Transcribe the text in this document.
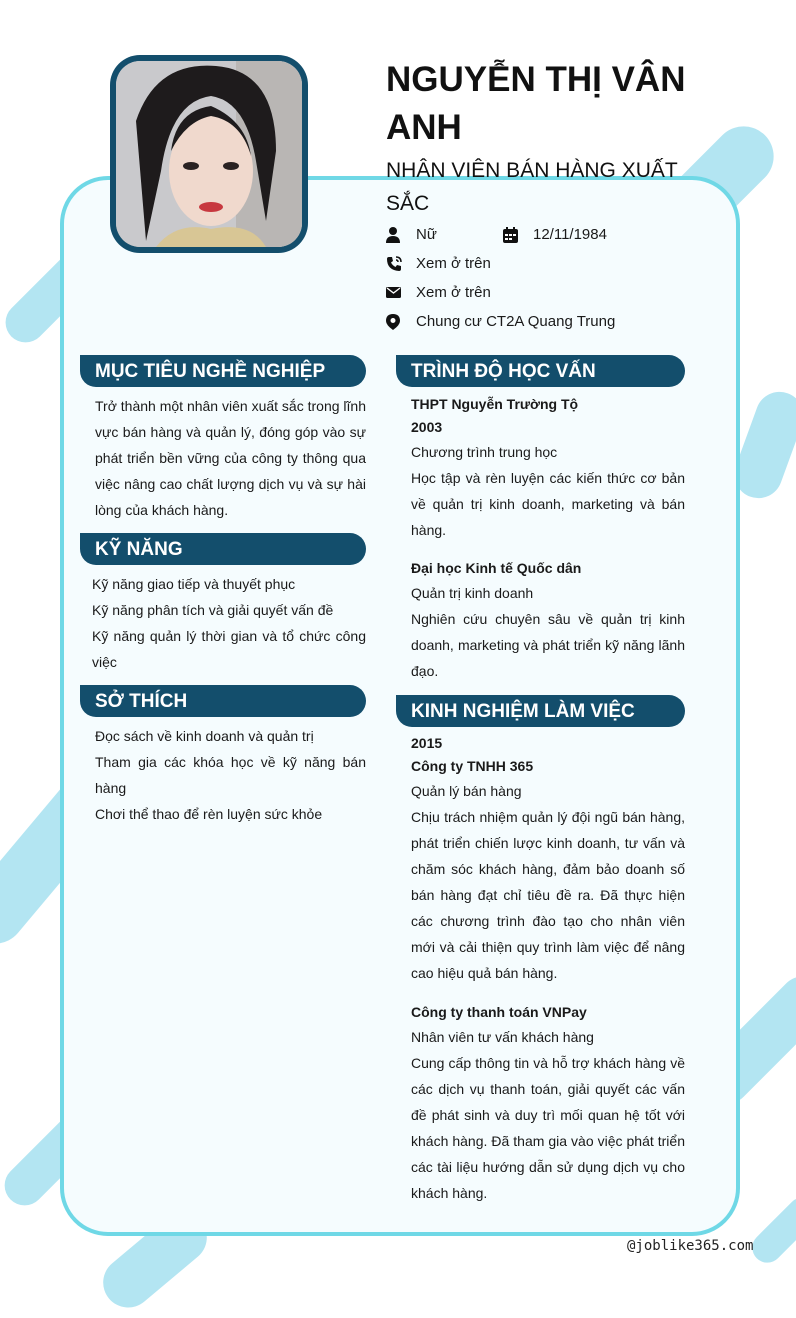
NGUYỄN THỊ VÂN ANH
NHÂN VIÊN BÁN HÀNG XUẤT SẮC
Nữ	12/11/1984
Xem ở trên
Xem ở trên
Chung cư CT2A Quang Trung
MỤC TIÊU NGHỀ NGHIỆP
Trở thành một nhân viên xuất sắc trong lĩnh vực bán hàng và quản lý, đóng góp vào sự phát triển bền vững của công ty thông qua việc nâng cao chất lượng dịch vụ và sự hài lòng của khách hàng.
KỸ NĂNG
Kỹ năng giao tiếp và thuyết phục
Kỹ năng phân tích và giải quyết vấn đề
Kỹ năng quản lý thời gian và tổ chức công việc
SỞ THÍCH
Đọc sách về kinh doanh và quản trị
Tham gia các khóa học về kỹ năng bán hàng
Chơi thể thao để rèn luyện sức khỏe
TRÌNH ĐỘ HỌC VẤN
THPT Nguyễn Trường Tộ
2003
Chương trình trung học
Học tập và rèn luyện các kiến thức cơ bản về quản trị kinh doanh, marketing và bán hàng.
Đại học Kinh tế Quốc dân
Quản trị kinh doanh
Nghiên cứu chuyên sâu về quản trị kinh doanh, marketing và phát triển kỹ năng lãnh đạo.
KINH NGHIỆM LÀM VIỆC
2015
Công ty TNHH 365
Quản lý bán hàng
Chịu trách nhiệm quản lý đội ngũ bán hàng, phát triển chiến lược kinh doanh, tư vấn và chăm sóc khách hàng, đảm bảo doanh số bán hàng đạt chỉ tiêu đề ra. Đã thực hiện các chương trình đào tạo cho nhân viên mới và cải thiện quy trình làm việc để nâng cao hiệu quả bán hàng.
Công ty thanh toán VNPay
Nhân viên tư vấn khách hàng
Cung cấp thông tin và hỗ trợ khách hàng về các dịch vụ thanh toán, giải quyết các vấn đề phát sinh và duy trì mối quan hệ tốt với khách hàng. Đã tham gia vào việc phát triển các tài liệu hướng dẫn sử dụng dịch vụ cho khách hàng.
@joblike365.com
